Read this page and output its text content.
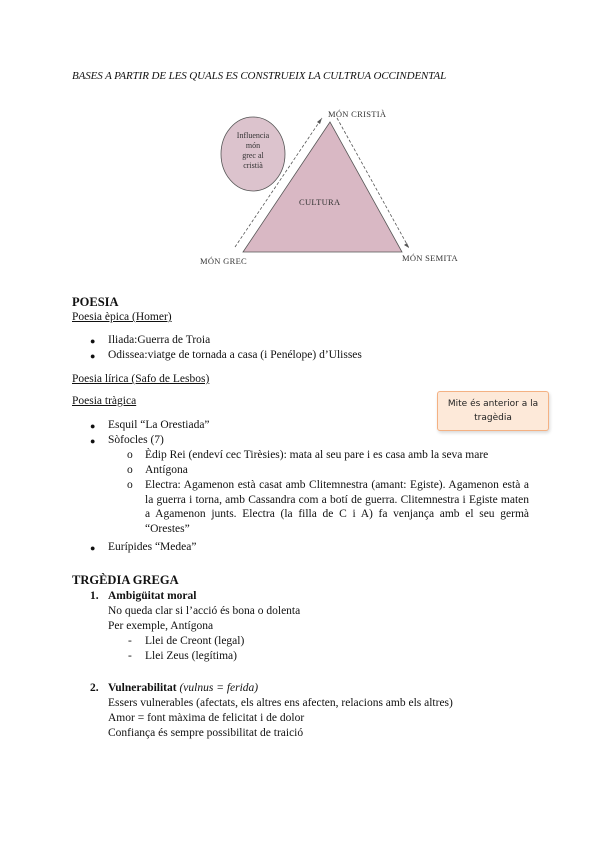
BASES A PARTIR DE LES QUALS ES CONSTRUEIX LA CULTRUA OCCINDENTAL
MÓN CRISTIÀ
MÓN GREC	MÓN SEMITA
CULTURA
Influencia
món
grec al
cristià
POESIA
Poesia èpica (Homer)
● Iliada:Guerra de Troia
● Odissea:viatge de tornada a casa (i Penélope) d’Ulisses
Poesia lírica (Safo de Lesbos)
Poesia tràgica	Mite és anterior a la tragèdia
● Esquil “La Orestiada”
● Sòfocles (7)
o Èdip Rei (endeví cec Tirèsies): mata al seu pare i es casa amb la seva mare
o Antígona
o Electra: Agamenon està casat amb Clitemnestra (amant: Egiste). Agamenon està a la guerra i torna, amb Cassandra com a botí de guerra. Clitemnestra i Egiste maten a Agamenon junts. Electra (la filla de C i A) fa venjança amb el seu germà “Orestes”
● Eurípides “Medea”
TRGÈDIA GREGA
1. Ambigüitat moral
No queda clar si l’acció és bona o dolenta
Per exemple, Antígona
- Llei de Creont (legal)
- Llei Zeus (legítima)
2. Vulnerabilitat (vulnus = ferida)
Essers vulnerables (afectats, els altres ens afecten, relacions amb els altres)
Amor = font màxima de felicitat i de dolor
Confiança és sempre possibilitat de traició
